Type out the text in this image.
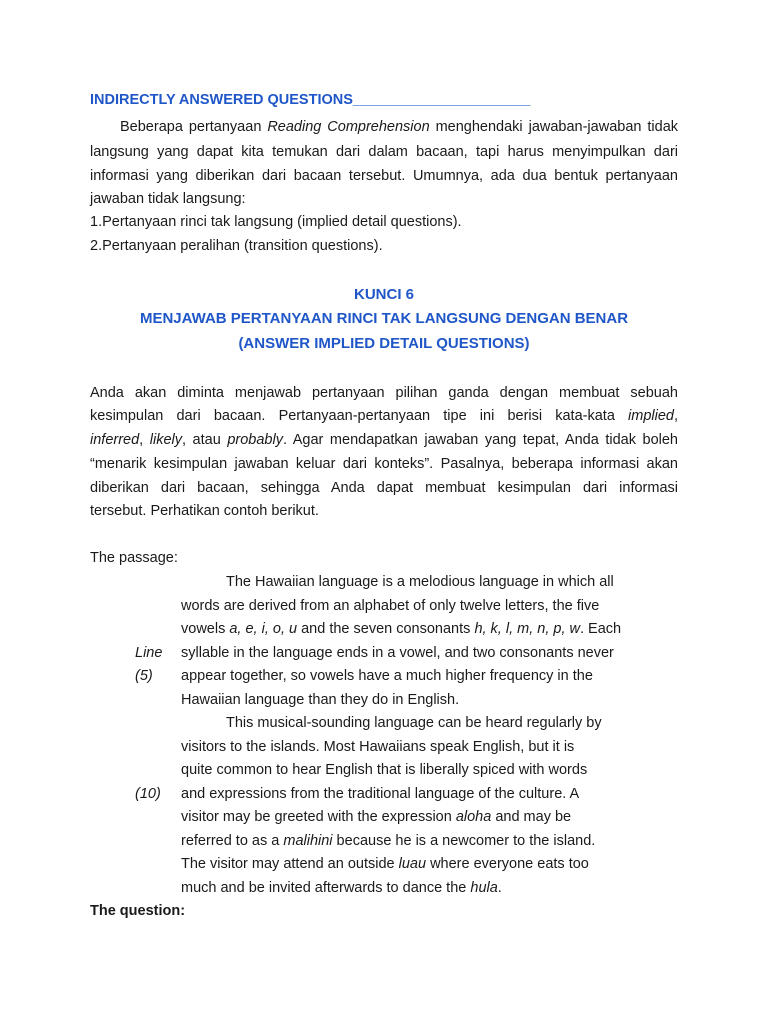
INDIRECTLY ANSWERED QUESTIONS______________________
Beberapa pertanyaan Reading Comprehension menghendaki jawaban-jawaban tidak
langsung yang dapat kita temukan dari dalam bacaan, tapi harus menyimpulkan dari
informasi yang diberikan dari bacaan tersebut. Umumnya, ada dua bentuk pertanyaan
jawaban tidak langsung:
1.Pertanyaan rinci tak langsung (implied detail questions).
2.Pertanyaan peralihan (transition questions).
KUNCI 6
MENJAWAB PERTANYAAN RINCI TAK LANGSUNG DENGAN BENAR
(ANSWER IMPLIED DETAIL QUESTIONS)
Anda akan diminta menjawab pertanyaan pilihan ganda dengan membuat sebuah
kesimpulan dari bacaan. Pertanyaan-pertanyaan tipe ini berisi kata-kata implied,
inferred, likely, atau probably. Agar mendapatkan jawaban yang tepat, Anda tidak boleh
“menarik kesimpulan jawaban keluar dari konteks”. Pasalnya, beberapa informasi akan
diberikan dari bacaan, sehingga Anda dapat membuat kesimpulan dari informasi
tersebut. Perhatikan contoh berikut.
The passage:
The Hawaiian language is a melodious language in which all
words are derived from an alphabet of only twelve letters, the five
vowels a, e, i, o, u and the seven consonants h, k, l, m, n, p, w. Each
Line syllable in the language ends in a vowel, and two consonants never
(5) appear together, so vowels have a much higher frequency in the
Hawaiian language than they do in English.
This musical-sounding language can be heard regularly by
visitors to the islands. Most Hawaiians speak English, but it is
quite common to hear English that is liberally spiced with words
(10) and expressions from the traditional language of the culture. A
visitor may be greeted with the expression aloha and may be
referred to as a malihini because he is a newcomer to the island.
The visitor may attend an outside luau where everyone eats too
much and be invited afterwards to dance the hula.
The question:
